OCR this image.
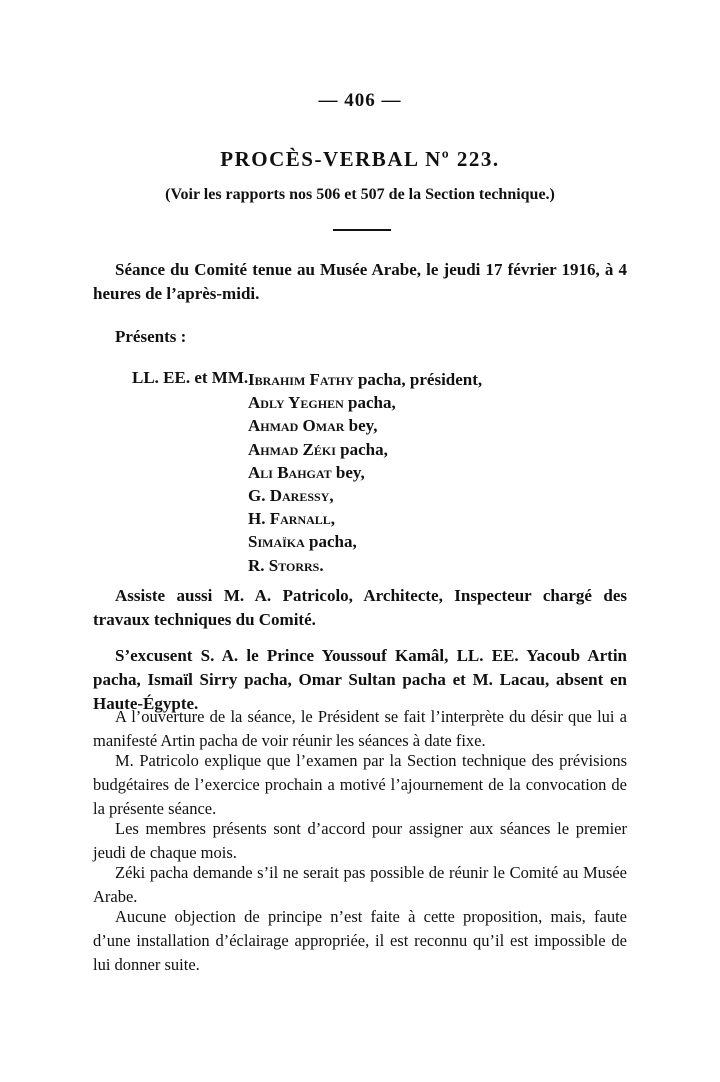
— 406 —
PROCÈS-VERBAL Nº 223.
(Voir les rapports nos 506 et 507 de la Section technique.)
Séance du Comité tenue au Musée Arabe, le jeudi 17 février 1916, à 4 heures de l’après-midi.
Présents :
LL. EE. et MM. Ibrahim Fathy pacha, président,
Adly Yeghen pacha,
Ahmad Omar bey,
Ahmad Zéki pacha,
Ali Bahgat bey,
G. Daressy,
H. Farnall,
Simaïka pacha,
R. Storrs.
Assiste aussi M. A. Patricolo, Architecte, Inspecteur chargé des travaux techniques du Comité.
S’excusent S. A. le Prince Youssouf Kamâl, LL. EE. Yacoub Artin pacha, Ismaïl Sirry pacha, Omar Sultan pacha et M. Lacau, absent en Haute-Égypte.
A l’ouverture de la séance, le Président se fait l’interprète du désir que lui a manifesté Artin pacha de voir réunir les séances à date fixe.
M. Patricolo explique que l’examen par la Section technique des prévisions budgétaires de l’exercice prochain a motivé l’ajournement de la convocation de la présente séance.
Les membres présents sont d’accord pour assigner aux séances le premier jeudi de chaque mois.
Zéki pacha demande s’il ne serait pas possible de réunir le Comité au Musée Arabe.
Aucune objection de principe n’est faite à cette proposition, mais, faute d’une installation d’éclairage appropriée, il est reconnu qu’il est impossible de lui donner suite.
